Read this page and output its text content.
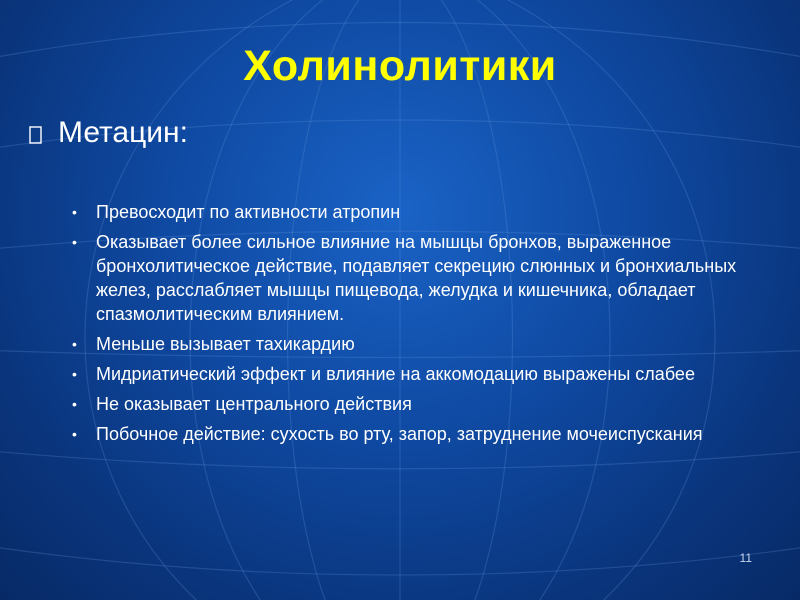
Холинолитики
Метацин:
• Превосходит по активности атропин
• Оказывает более сильное влияние на мышцы бронхов, выраженное бронхолитическое действие, подавляет секрецию слюнных и бронхиальных желез, расслабляет мышцы пищевода, желудка и кишечника, обладает спазмолитическим влиянием.
• Меньше вызывает тахикардию
• Мидриатический эффект и влияние на аккомодацию выражены слабее
• Не оказывает центрального действия
• Побочное действие: сухость во рту, запор, затруднение мочеиспускания
11
